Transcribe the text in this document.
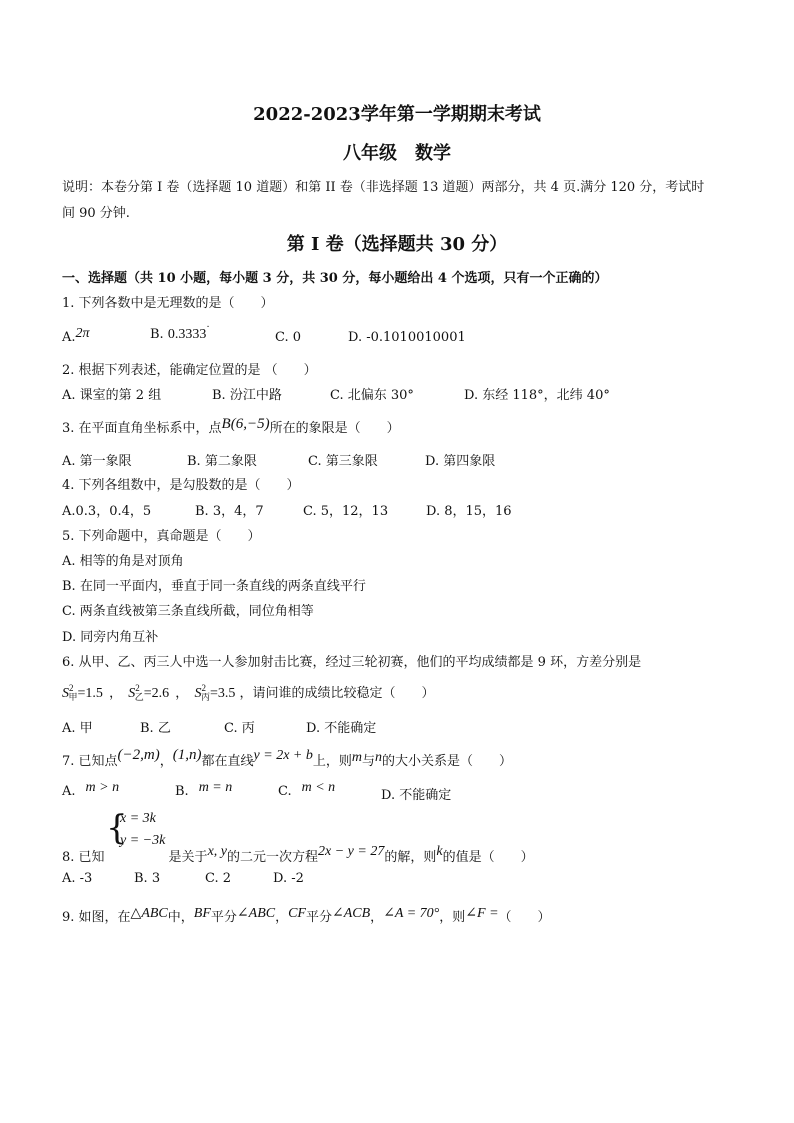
2022-2023学年第一学期期末考试
八年级　数学
说明：本卷分第 I 卷（选择题 10 道题）和第 II 卷（非选择题 13 道题）两部分，共 4 页.满分 120 分，考试时
间 90 分钟.
第 I 卷（选择题共 30 分）
一、选择题（共 10 小题，每小题 3 分，共 30 分，每小题给出 4 个选项，只有一个正确的）
1. 下列各数中是无理数的是（　　）
A.2π	B. 0.3333·
C. 0	D. -0.1010010001
2. 根据下列表述，能确定位置的是 （　　）
A. 课室的第 2 组	B. 汾江中路	C. 北偏东 30°	D. 东经 118°，北纬 40°
3. 在平面直角坐标系中，点B(6,−5)所在的象限是（　　）
A. 第一象限	B. 第二象限	C. 第三象限	D. 第四象限
4. 下列各组数中，是勾股数的是（　　）
A.0.3，0.4，5	B. 3，4，7	C. 5，12，13	D. 8，15，16
5. 下列命题中，真命题是（　　）
A. 相等的角是对顶角
B. 在同一平面内，垂直于同一条直线的两条直线平行
C. 两条直线被第三条直线所截，同位角相等
D. 同旁内角互补
6. 从甲、乙、丙三人中选一人参加射击比赛，经过三轮初赛，他们的平均成绩都是 9 环，方差分别是
$S^2_甲=1.5$ ， $S^2_乙=2.6$ ， $S^2_丙=3.5$ ，请问谁的成绩比较稳定（　　）
A. 甲	B. 乙	C. 丙	D. 不能确定
7. 已知点(−2,m)，(1,n)都在直线y = 2x + b上，则m与n的大小关系是（　　）
A. m > n	B. m = n	C. m < n
D. 不能确定
{
x = 3k
y = −3k
8. 已知	是关于x, y的二元一次方程2x − y = 27的解，则k的值是（　　）
A. -3	B. 3	C. 2	D. -2
9. 如图，在△ABC中，BF平分∠ABC，CF平分∠ACB，∠A = 70°，则∠F =（　　）
